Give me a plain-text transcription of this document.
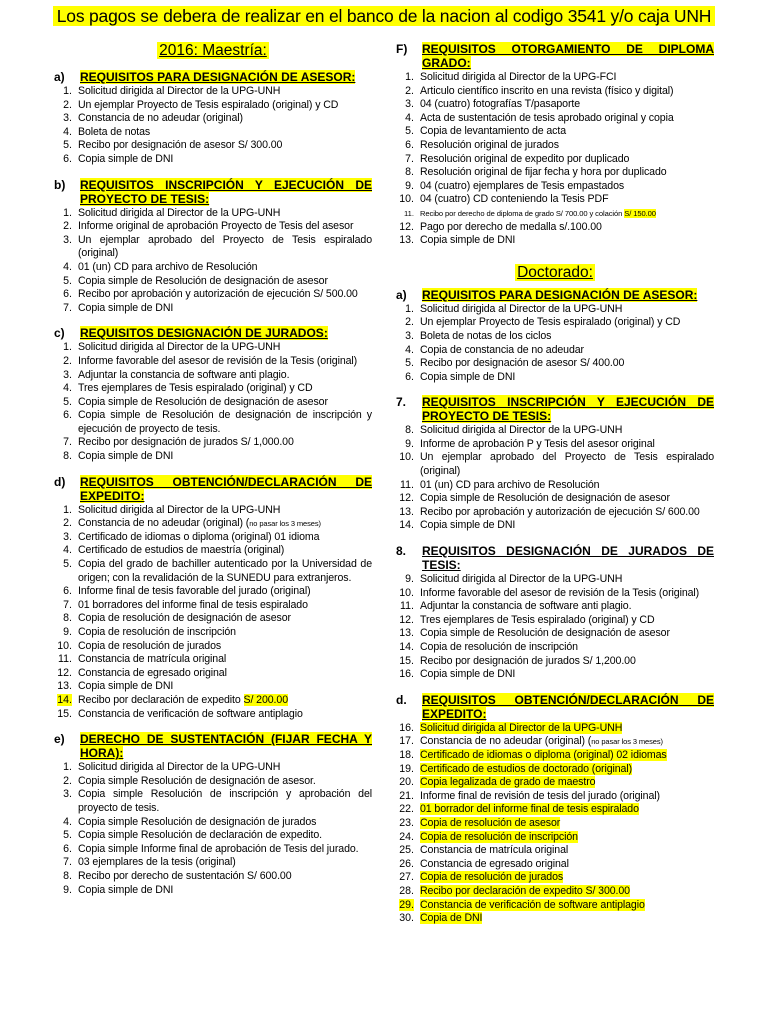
Los pagos se debera de realizar en el banco de la nacion al codigo 3541 y/o caja UNH
2016: Maestría:
a)	REQUISITOS PARA DESIGNACIÓN DE ASESOR:
1. Solicitud dirigida al Director de la UPG-UNH
2. Un ejemplar Proyecto de Tesis espiralado (original) y CD
3. Constancia de no adeudar (original)
4. Boleta de notas
5. Recibo por designación de asesor S/ 300.00
6. Copia simple de DNI
b)	REQUISITOS INSCRIPCIÓN Y EJECUCIÓN DE PROYECTO DE TESIS:
1. Solicitud dirigida al Director de la UPG-UNH
2. Informe original de aprobación Proyecto de Tesis del asesor
3. Un ejemplar aprobado del Proyecto de Tesis espiralado (original)
4. 01 (un) CD para archivo de Resolución
5. Copia simple de Resolución de designación de asesor
6. Recibo por aprobación y autorización de ejecución S/ 500.00
7. Copia simple de DNI
c)	REQUISITOS DESIGNACIÓN DE JURADOS:
1. Solicitud dirigida al Director de la UPG-UNH
2. Informe favorable del asesor de revisión de la Tesis (original)
3. Adjuntar la constancia de software anti plagio.
4. Tres ejemplares de Tesis espiralado (original) y CD
5. Copia simple de Resolución de designación de asesor
6. Copia simple de Resolución de designación de inscripción y ejecución de proyecto de tesis.
7. Recibo por designación de jurados S/ 1,000.00
8. Copia simple de DNI
d)	REQUISITOS OBTENCIÓN/DECLARACIÓN DE EXPEDITO:
1. Solicitud dirigida al Director de la UPG-UNH
2. Constancia de no adeudar (original) (no pasar los 3 meses)
3. Certificado de idiomas o diploma (original) 01 idioma
4. Certificado de estudios de maestría (original)
5. Copia del grado de bachiller autenticado por la Universidad de origen; con la revalidación de la SUNEDU para extranjeros.
6. Informe final de tesis favorable del jurado (original)
7. 01 borradores del informe final de tesis espiralado
8. Copia de resolución de designación de asesor
9. Copia de resolución de inscripción
10. Copia de resolución de jurados
11. Constancia de matrícula original
12. Constancia de egresado original
13. Copia simple de DNI
14. Recibo por declaración de expedito S/ 200.00
15. Constancia de verificación de software antiplagio
e)	DERECHO DE SUSTENTACIÓN (FIJAR FECHA Y HORA):
1. Solicitud dirigida al Director de la UPG-UNH
2. Copia simple Resolución de designación de asesor.
3. Copia simple Resolución de inscripción y aprobación del proyecto de tesis.
4. Copia simple Resolución de designación de jurados
5. Copia simple Resolución de declaración de expedito.
6. Copia simple Informe final de aprobación de Tesis del jurado.
7. 03 ejemplares de la tesis (original)
8. Recibo por derecho de sustentación S/ 600.00
9. Copia simple de DNI
F)	REQUISITOS OTORGAMIENTO DE DIPLOMA GRADO:
1. Solicitud dirigida al Director de la UPG-FCI
2. Articulo científico inscrito en una revista (físico y digital)
3. 04 (cuatro) fotografías T/pasaporte
4. Acta de sustentación de tesis aprobado original y copia
5. Copia de levantamiento de acta
6. Resolución original de jurados
7. Resolución original de expedito por duplicado
8. Resolución original de fijar fecha y hora por duplicado
9. 04 (cuatro) ejemplares de Tesis empastados
10. 04 (cuatro) CD conteniendo la Tesis PDF
11. Recibo por derecho de diploma de grado S/ 700.00 y colación S/ 150.00
12. Pago por derecho de medalla s/.100.00
13. Copia simple de DNI
Doctorado:
a)	REQUISITOS PARA DESIGNACIÓN DE ASESOR:
1. Solicitud dirigida al Director de la UPG-UNH
2. Un ejemplar Proyecto de Tesis espiralado (original) y CD
3. Boleta de notas de los ciclos
4. Copia de constancia de no adeudar
5. Recibo por designación de asesor S/ 400.00
6. Copia simple de DNI
7.	REQUISITOS INSCRIPCIÓN Y EJECUCIÓN DE PROYECTO DE TESIS:
8. Solicitud dirigida al Director de la UPG-UNH
9. Informe de aprobación P y Tesis del asesor original
10. Un ejemplar aprobado del Proyecto de Tesis espiralado (original)
11. 01 (un) CD para archivo de Resolución
12. Copia simple de Resolución de designación de asesor
13. Recibo por aprobación y autorización de ejecución S/ 600.00
14. Copia simple de DNI
8.	REQUISITOS DESIGNACIÓN DE JURADOS DE TESIS:
9. Solicitud dirigida al Director de la UPG-UNH
10. Informe favorable del asesor de revisión de la Tesis (original)
11. Adjuntar la constancia de software anti plagio.
12. Tres ejemplares de Tesis espiralado (original) y CD
13. Copia simple de Resolución de designación de asesor
14. Copia de resolución de inscripción
15. Recibo por designación de jurados S/ 1,200.00
16. Copia simple de DNI
d.	REQUISITOS OBTENCIÓN/DECLARACIÓN DE EXPEDITO:
16. Solicitud dirigida al Director de la UPG-UNH
17. Constancia de no adeudar (original) (no pasar los 3 meses)
18. Certificado de idiomas o diploma (original) 02 idiomas
19. Certificado de estudios de doctorado (original)
20. Copia legalizada de grado de maestro
21. Informe final de revisión de tesis del jurado (original)
22. 01 borrador del informe final de tesis espiralado
23. Copia de resolución de asesor
24. Copia de resolución de inscripción
25. Constancia de matrícula original
26. Constancia de egresado original
27. Copia de resolución de jurados
28. Recibo por declaración de expedito S/ 300.00
29. Constancia de verificación de software antiplagio
30. Copia de DNI
